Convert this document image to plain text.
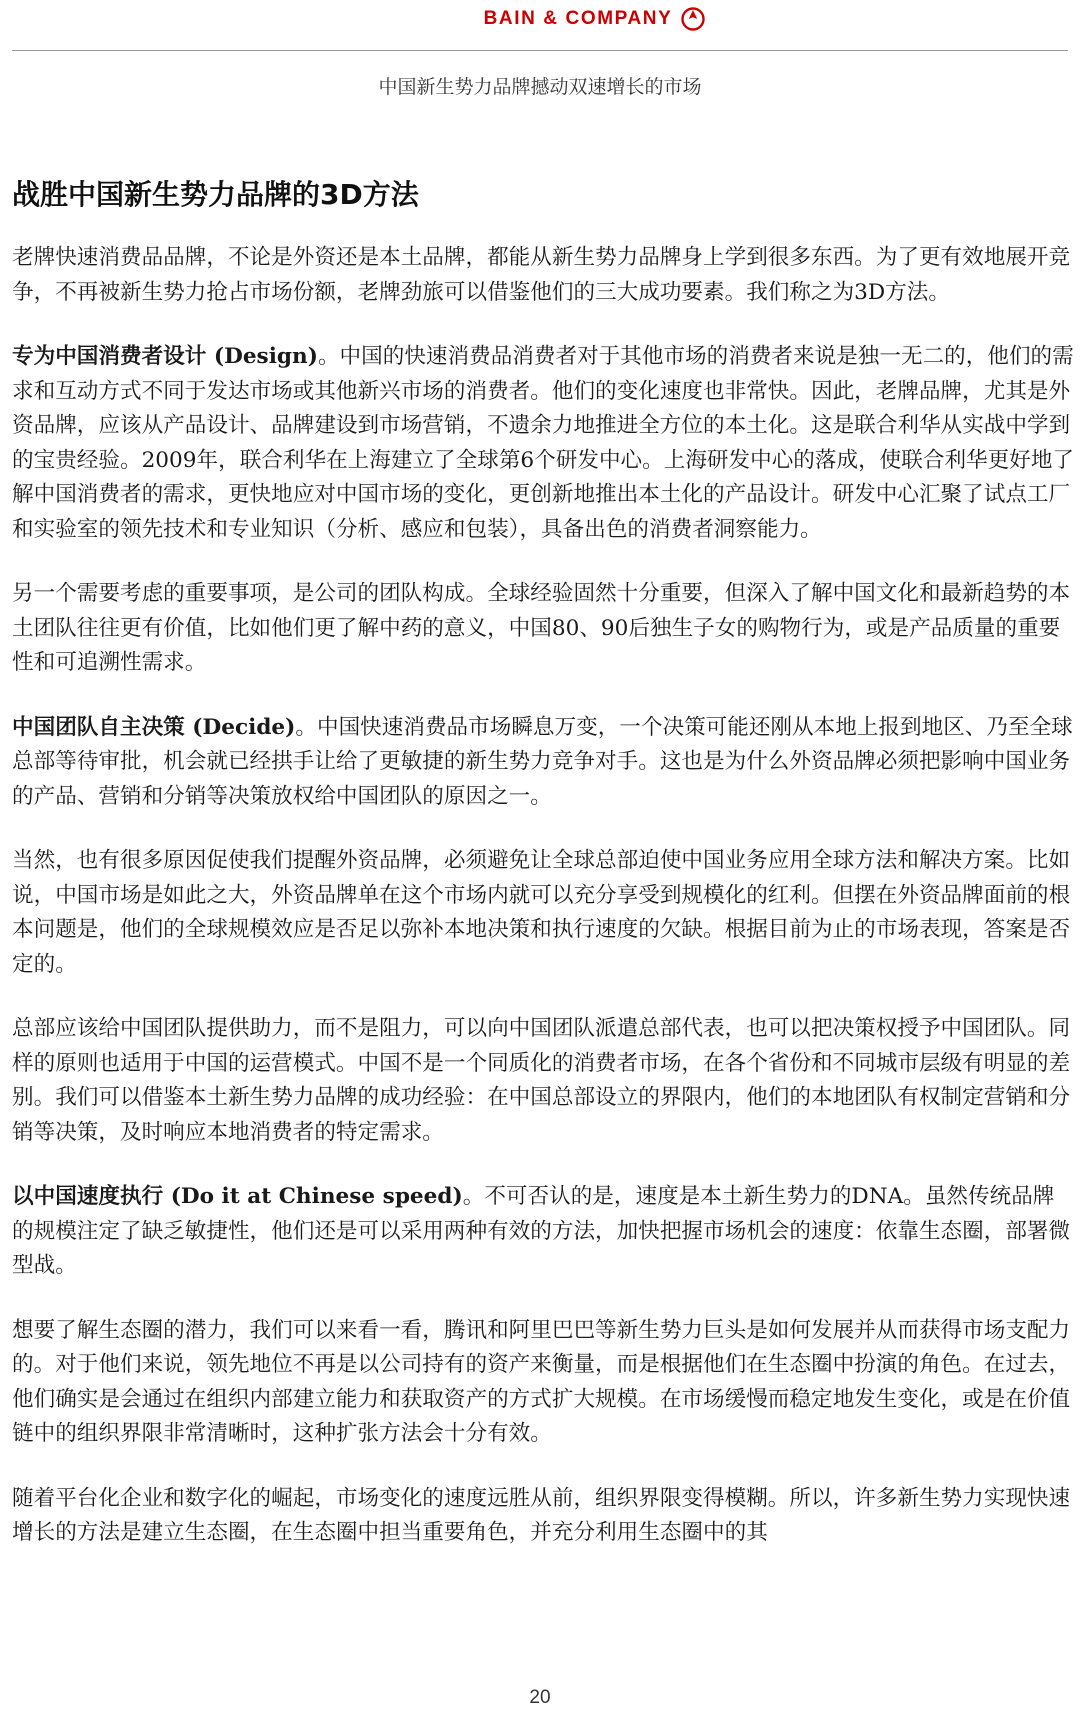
BAIN & COMPANY
中国新生势力品牌撼动双速增长的市场
战胜中国新生势力品牌的3D方法

老牌快速消费品品牌，不论是外资还是本土品牌，都能从新生势力品牌身上学到很多东西。为了更有效地展开竞争，不再被新生势力抢占市场份额，老牌劲旅可以借鉴他们的三大成功要素。我们称之为3D方法。

专为中国消费者设计 (Design)。中国的快速消费品消费者对于其他市场的消费者来说是独一无二的，他们的需求和互动方式不同于发达市场或其他新兴市场的消费者。他们的变化速度也非常快。因此，老牌品牌，尤其是外资品牌，应该从产品设计、品牌建设到市场营销，不遗余力地推进全方位的本土化。这是联合利华从实战中学到的宝贵经验。2009年，联合利华在上海建立了全球第6个研发中心。上海研发中心的落成，使联合利华更好地了解中国消费者的需求，更快地应对中国市场的变化，更创新地推出本土化的产品设计。研发中心汇聚了试点工厂和实验室的领先技术和专业知识（分析、感应和包装），具备出色的消费者洞察能力。

另一个需要考虑的重要事项，是公司的团队构成。全球经验固然十分重要，但深入了解中国文化和最新趋势的本土团队往往更有价值，比如他们更了解中药的意义，中国80、90后独生子女的购物行为，或是产品质量的重要性和可追溯性需求。

中国团队自主决策 (Decide)。中国快速消费品市场瞬息万变，一个决策可能还刚从本地上报到地区、乃至全球总部等待审批，机会就已经拱手让给了更敏捷的新生势力竞争对手。这也是为什么外资品牌必须把影响中国业务的产品、营销和分销等决策放权给中国团队的原因之一。

当然，也有很多原因促使我们提醒外资品牌，必须避免让全球总部迫使中国业务应用全球方法和解决方案。比如说，中国市场是如此之大，外资品牌单在这个市场内就可以充分享受到规模化的红利。但摆在外资品牌面前的根本问题是，他们的全球规模效应是否足以弥补本地决策和执行速度的欠缺。根据目前为止的市场表现，答案是否定的。

总部应该给中国团队提供助力，而不是阻力，可以向中国团队派遣总部代表，也可以把决策权授予中国团队。同样的原则也适用于中国的运营模式。中国不是一个同质化的消费者市场，在各个省份和不同城市层级有明显的差别。我们可以借鉴本土新生势力品牌的成功经验：在中国总部设立的界限内，他们的本地团队有权制定营销和分销等决策，及时响应本地消费者的特定需求。

以中国速度执行 (Do it at Chinese speed)。不可否认的是，速度是本土新生势力的DNA。虽然传统品牌的规模注定了缺乏敏捷性，他们还是可以采用两种有效的方法，加快把握市场机会的速度：依靠生态圈，部署微型战。

想要了解生态圈的潜力，我们可以来看一看，腾讯和阿里巴巴等新生势力巨头是如何发展并从而获得市场支配力的。对于他们来说，领先地位不再是以公司持有的资产来衡量，而是根据他们在生态圈中扮演的角色。在过去，他们确实是会通过在组织内部建立能力和获取资产的方式扩大规模。在市场缓慢而稳定地发生变化，或是在价值链中的组织界限非常清晰时，这种扩张方法会十分有效。

随着平台化企业和数字化的崛起，市场变化的速度远胜从前，组织界限变得模糊。所以，许多新生势力实现快速增长的方法是建立生态圈，在生态圈中担当重要角色，并充分利用生态圈中的其

20
